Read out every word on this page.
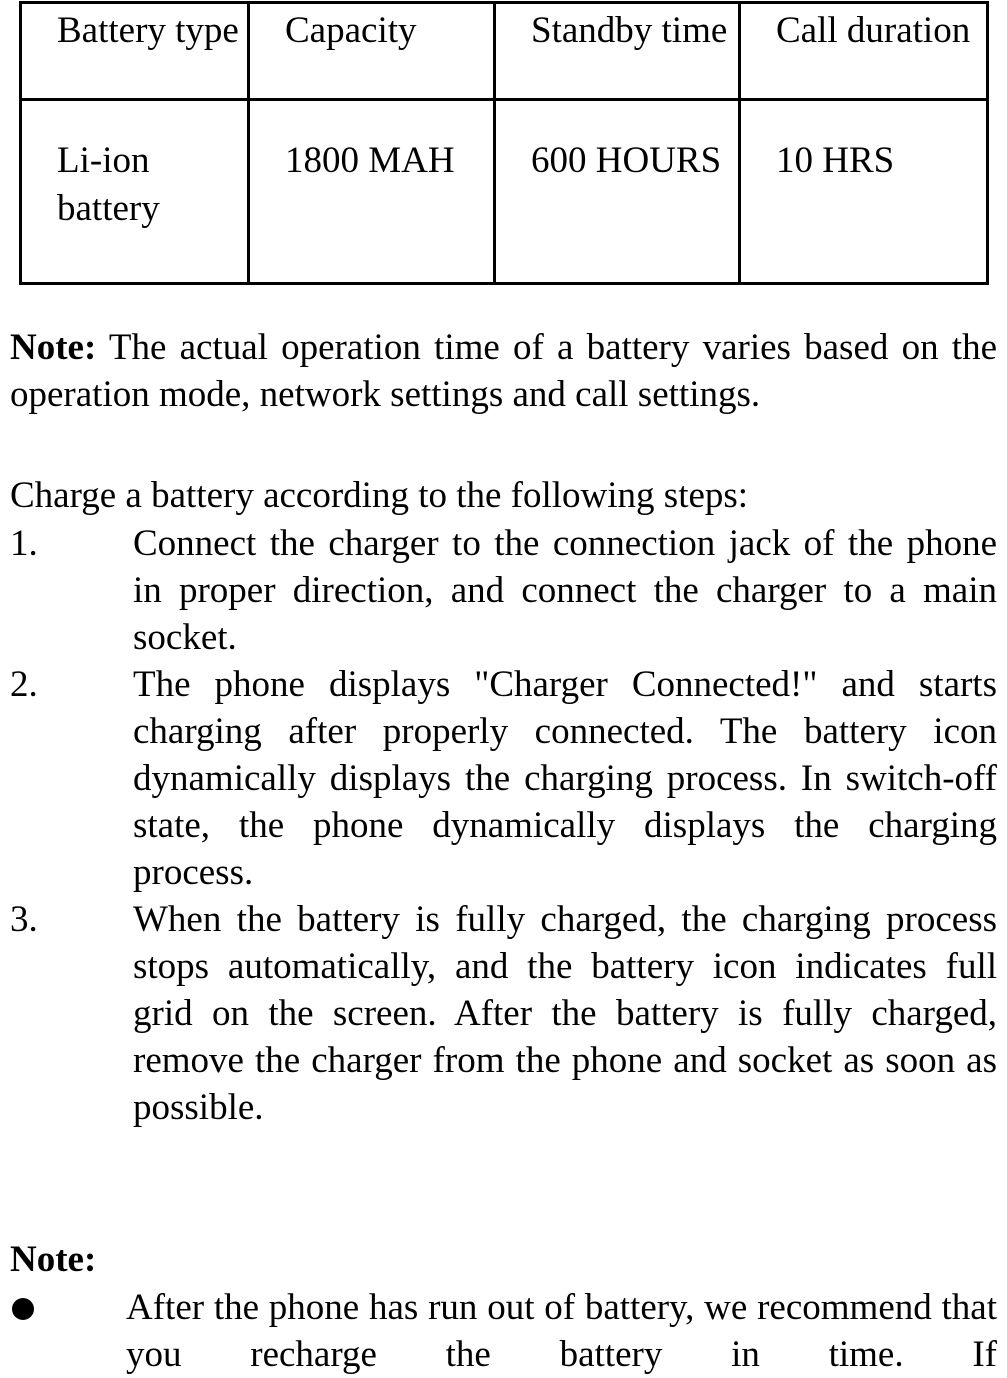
Battery type	Capacity	Standby time	Call duration

Li-ion battery	1800 MAH	600 HOURS	10 HRS
Note: The actual operation time of a battery varies based on the operation mode, network settings and call settings.
Charge a battery according to the following steps:
1.	Connect the charger to the connection jack of the phone in proper direction, and connect the charger to a main socket.
2.	The phone displays "Charger Connected!" and starts charging after properly connected. The battery icon dynamically displays the charging process. In switch-off state, the phone dynamically displays the charging process.
3.	When the battery is fully charged, the charging process stops automatically, and the battery icon indicates full grid on the screen. After the battery is fully charged, remove the charger from the phone and socket as soon as possible.
Note:
After the phone has run out of battery, we recommend that you recharge the battery in time. If
